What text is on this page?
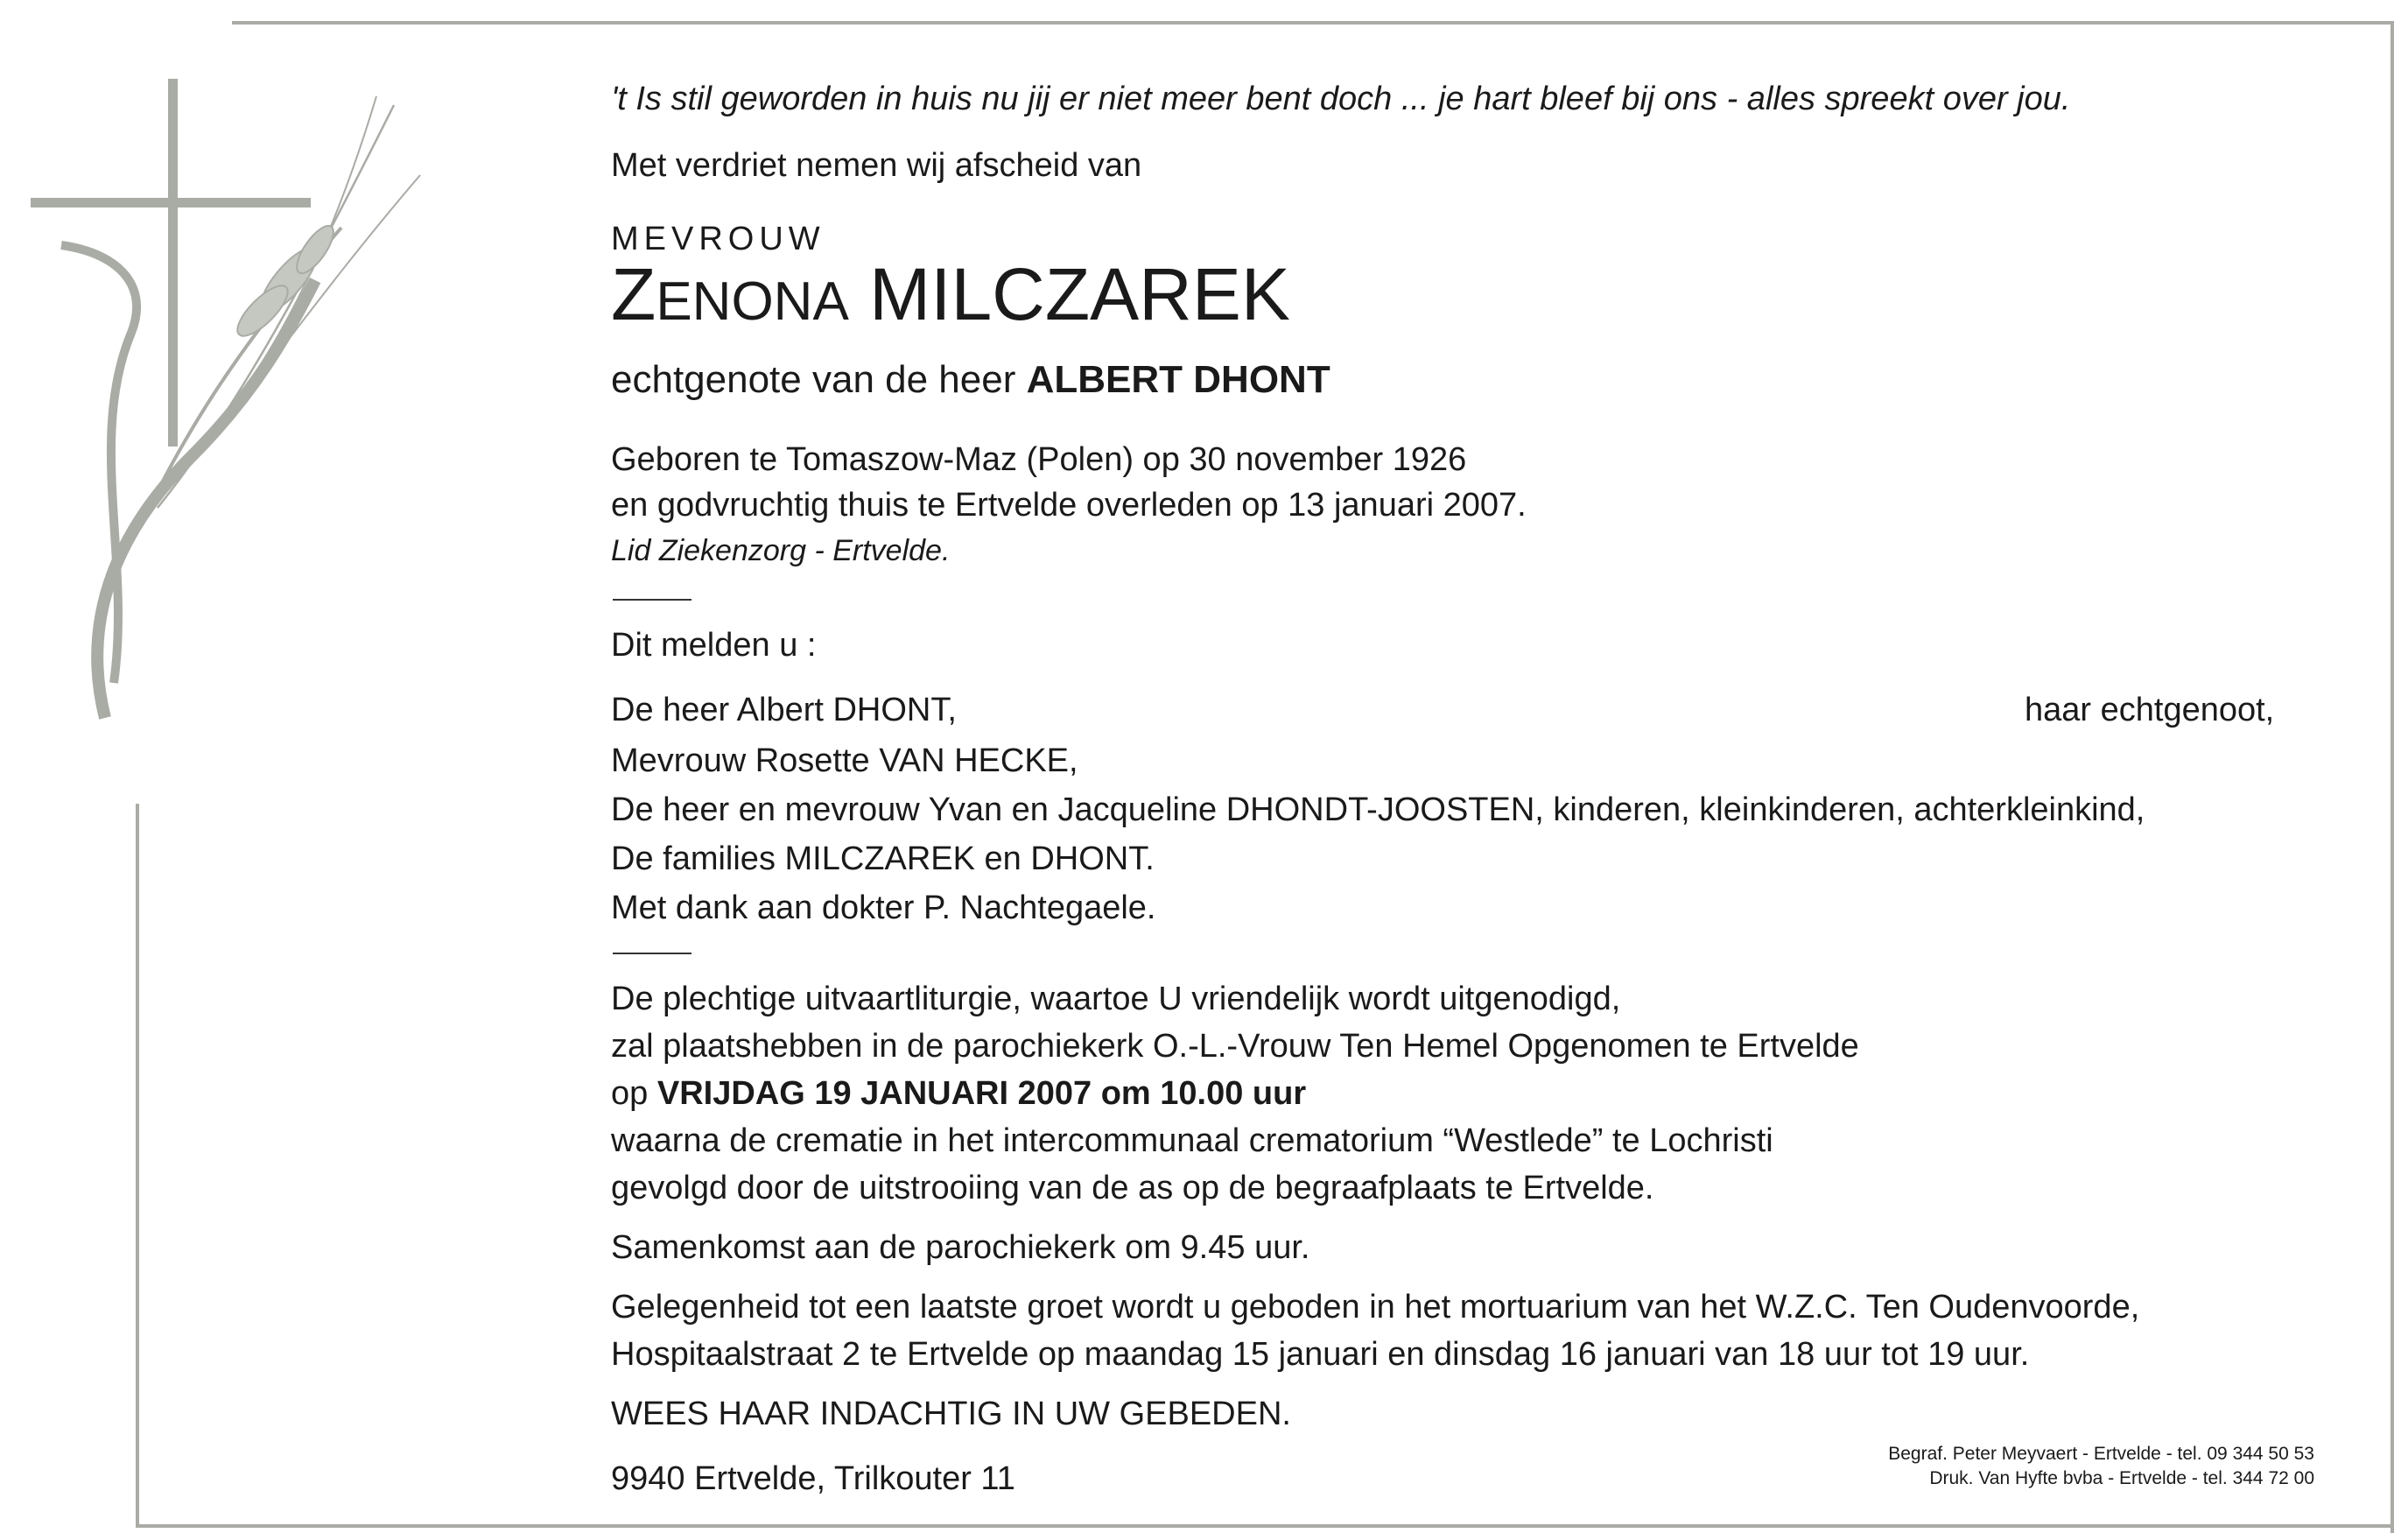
't Is stil geworden in huis nu jij er niet meer bent doch ... je hart bleef bij ons - alles spreekt over jou.
Met verdriet nemen wij afscheid van
MEVROUW
ZENONA MILCZAREK
echtgenote van de heer ALBERT DHONT
Geboren te Tomaszow-Maz (Polen) op 30 november 1926
en godvruchtig thuis te Ertvelde overleden op 13 januari 2007.
Lid Ziekenzorg - Ertvelde.
Dit melden u :
De heer Albert DHONT,	haar echtgenoot,
Mevrouw Rosette VAN HECKE,
De heer en mevrouw Yvan en Jacqueline DHONDT-JOOSTEN, kinderen, kleinkinderen, achterkleinkind,
De families MILCZAREK en DHONT.
Met dank aan dokter P. Nachtegaele.
De plechtige uitvaartliturgie, waartoe U vriendelijk wordt uitgenodigd,
zal plaatshebben in de parochiekerk O.-L.-Vrouw Ten Hemel Opgenomen te Ertvelde
op VRIJDAG 19 JANUARI 2007 om 10.00 uur
waarna de crematie in het intercommunaal crematorium “Westlede” te Lochristi
gevolgd door de uitstrooiing van de as op de begraafplaats te Ertvelde.
Samenkomst aan de parochiekerk om 9.45 uur.
Gelegenheid tot een laatste groet wordt u geboden in het mortuarium van het W.Z.C. Ten Oudenvoorde,
Hospitaalstraat 2 te Ertvelde op maandag 15 januari en dinsdag 16 januari van 18 uur tot 19 uur.
WEES HAAR INDACHTIG IN UW GEBEDEN.
9940 Ertvelde, Trilkouter 11
Begraf. Peter Meyvaert - Ertvelde - tel. 09 344 50 53
Druk. Van Hyfte bvba - Ertvelde - tel. 344 72 00
